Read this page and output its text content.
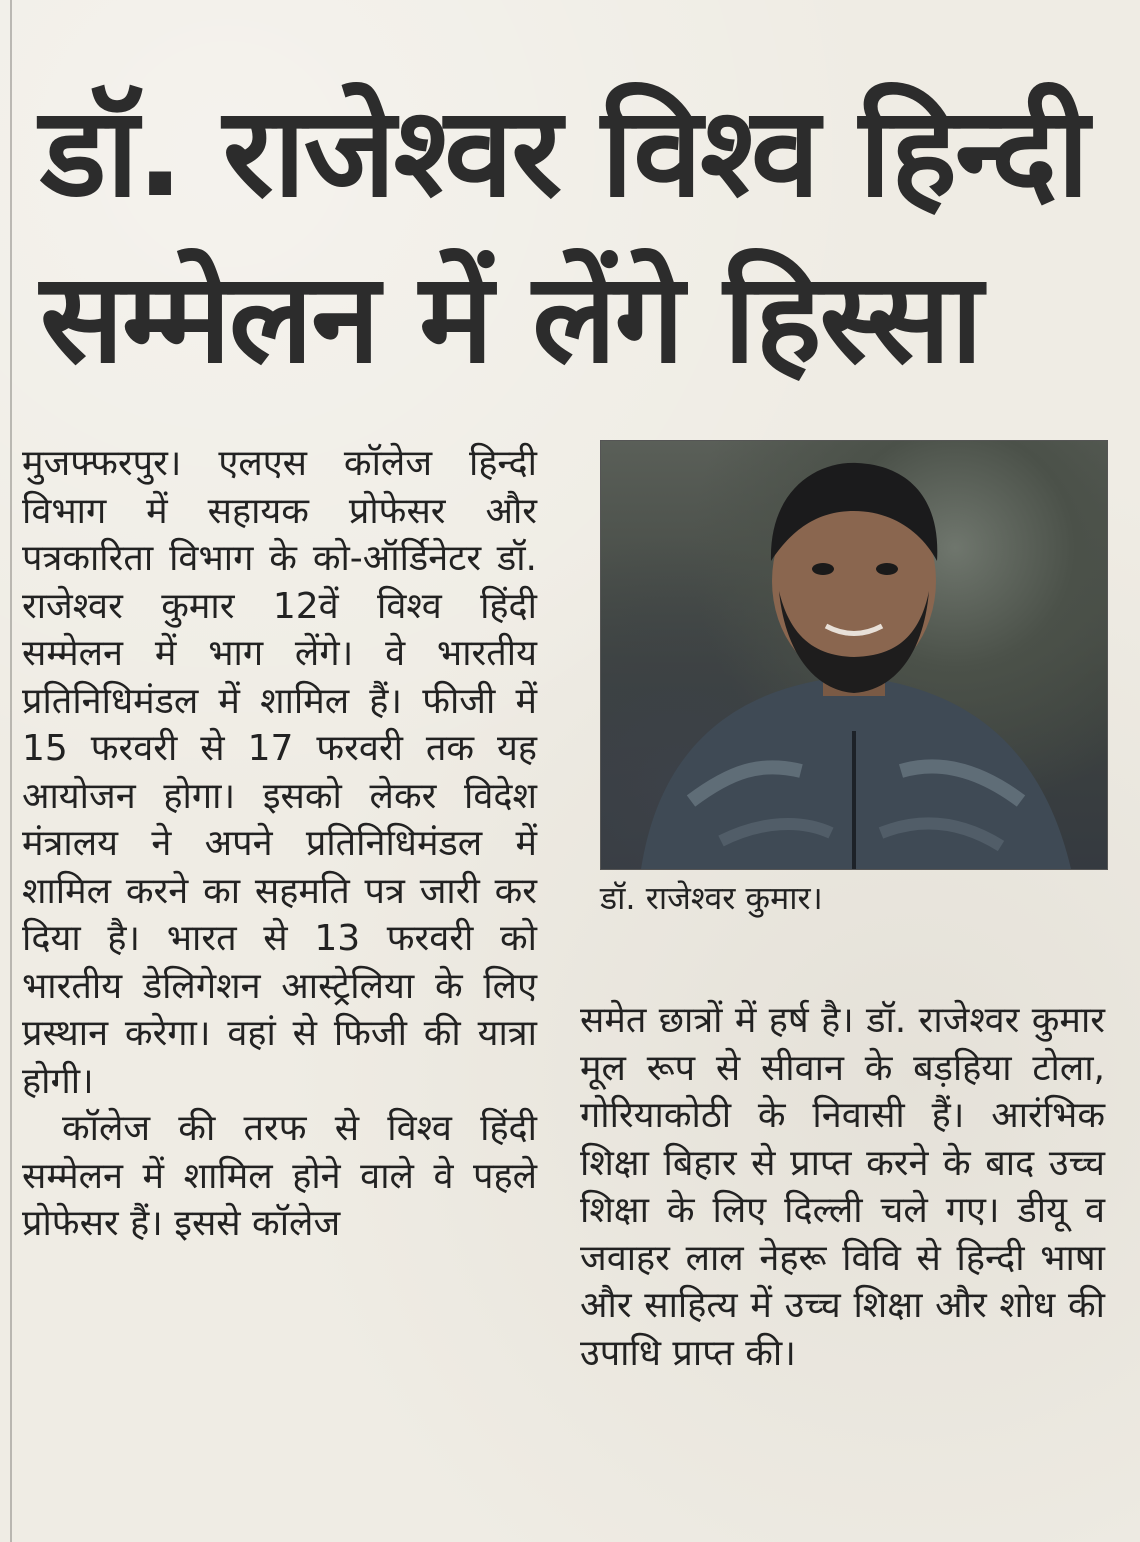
डॉ. राजेश्वर विश्व हिन्दी
सम्मेलन में लेंगे हिस्सा

मुजफ्फरपुर। एलएस कॉलेज हिन्दी विभाग में सहायक प्रोफेसर और पत्रकारिता विभाग के को-ऑर्डिनेटर डॉ. राजेश्वर कुमार 12वें विश्व हिंदी सम्मेलन में भाग लेंगे। वे भारतीय प्रतिनिधिमंडल में शामिल हैं। फीजी में 15 फरवरी से 17 फरवरी तक यह आयोजन होगा। इसको लेकर विदेश मंत्रालय ने अपने प्रतिनिधिमंडल में शामिल करने का सहमति पत्र जारी कर दिया है। भारत से 13 फरवरी को भारतीय डेलिगेशन आस्ट्रेलिया के लिए प्रस्थान करेगा। वहां से फिजी की यात्रा होगी।

कॉलेज की तरफ से विश्व हिंदी सम्मेलन में शामिल होने वाले वे पहले प्रोफेसर हैं। इससे कॉलेज

डॉ. राजेश्वर कुमार।

समेत छात्रों में हर्ष है। डॉ. राजेश्वर कुमार मूल रूप से सीवान के बड़हिया टोला, गोरियाकोठी के निवासी हैं। आरंभिक शिक्षा बिहार से प्राप्त करने के बाद उच्च शिक्षा के लिए दिल्ली चले गए। डीयू व जवाहर लाल नेहरू विवि से हिन्दी भाषा और साहित्य में उच्च शिक्षा और शोध की उपाधि प्राप्त की।
